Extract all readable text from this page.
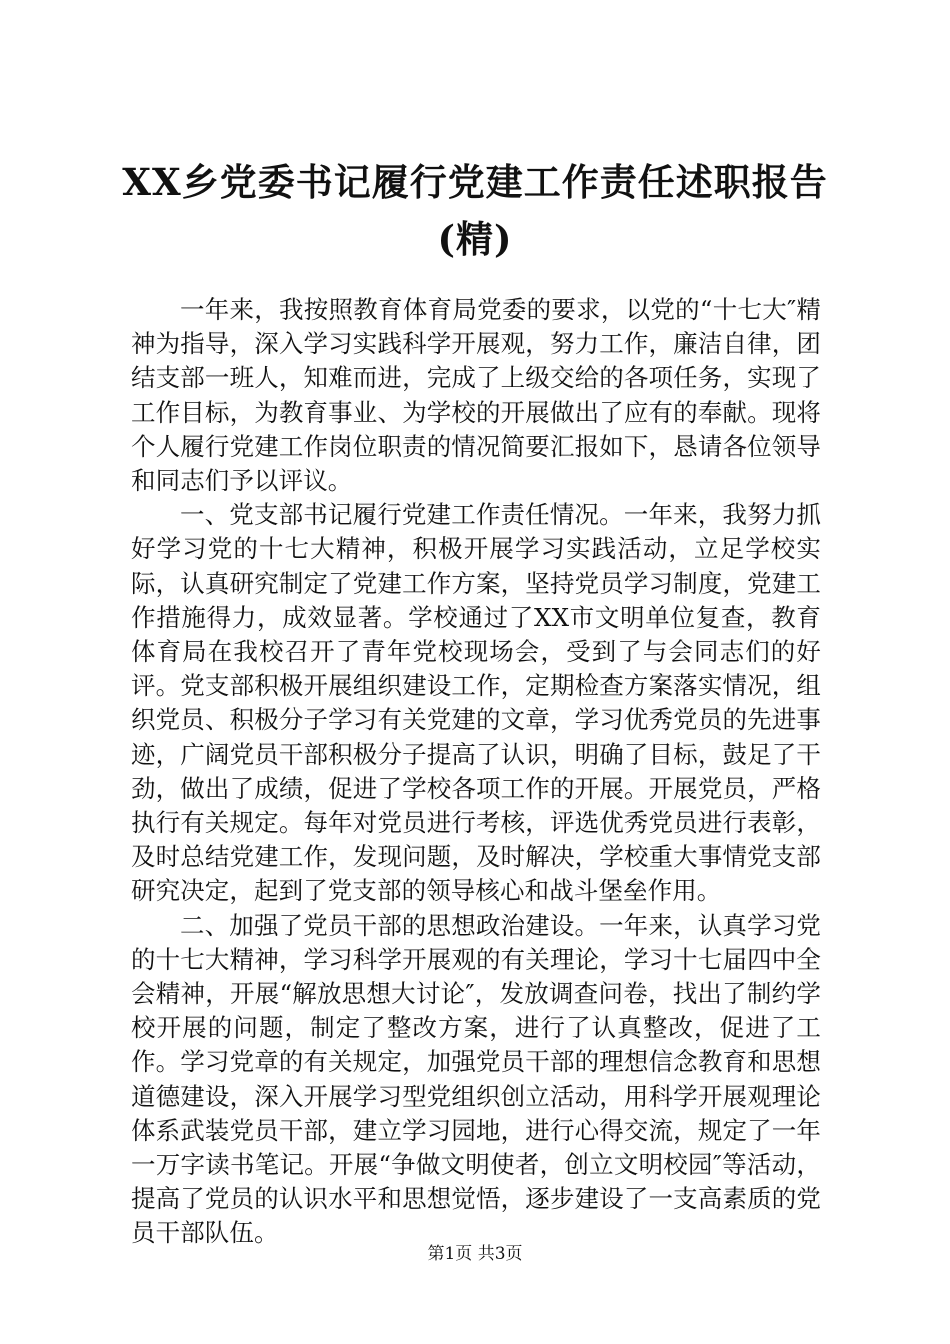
XX乡党委书记履行党建工作责任述职报告
(精)

一年来，我按照教育体育局党委的要求，以党的“十七大″精神为指导，深入学习实践科学开展观，努力工作，廉洁自律，团结支部一班人，知难而进，完成了上级交给的各项任务，实现了工作目标，为教育事业、为学校的开展做出了应有的奉献。现将个人履行党建工作岗位职责的情况简要汇报如下，恳请各位领导和同志们予以评议。

一、党支部书记履行党建工作责任情况。一年来，我努力抓好学习党的十七大精神，积极开展学习实践活动，立足学校实际，认真研究制定了党建工作方案，坚持党员学习制度，党建工作措施得力，成效显著。学校通过了XX市文明单位复查，教育体育局在我校召开了青年党校现场会，受到了与会同志们的好评。党支部积极开展组织建设工作，定期检查方案落实情况，组织党员、积极分子学习有关党建的文章，学习优秀党员的先进事迹，广阔党员干部积极分子提高了认识，明确了目标，鼓足了干劲，做出了成绩，促进了学校各项工作的开展。开展党员，严格执行有关规定。每年对党员进行考核，评选优秀党员进行表彰，及时总结党建工作，发现问题，及时解决，学校重大事情党支部研究决定，起到了党支部的领导核心和战斗堡垒作用。

二、加强了党员干部的思想政治建设。一年来，认真学习党的十七大精神，学习科学开展观的有关理论，学习十七届四中全会精神，开展“解放思想大讨论″，发放调查问卷，找出了制约学校开展的问题，制定了整改方案，进行了认真整改，促进了工作。学习党章的有关规定，加强党员干部的理想信念教育和思想道德建设，深入开展学习型党组织创立活动，用科学开展观理论体系武装党员干部，建立学习园地，进行心得交流，规定了一年一万字读书笔记。开展“争做文明使者，创立文明校园″等活动，提高了党员的认识水平和思想觉悟，逐步建设了一支高素质的党员干部队伍。

第1页 共3页
